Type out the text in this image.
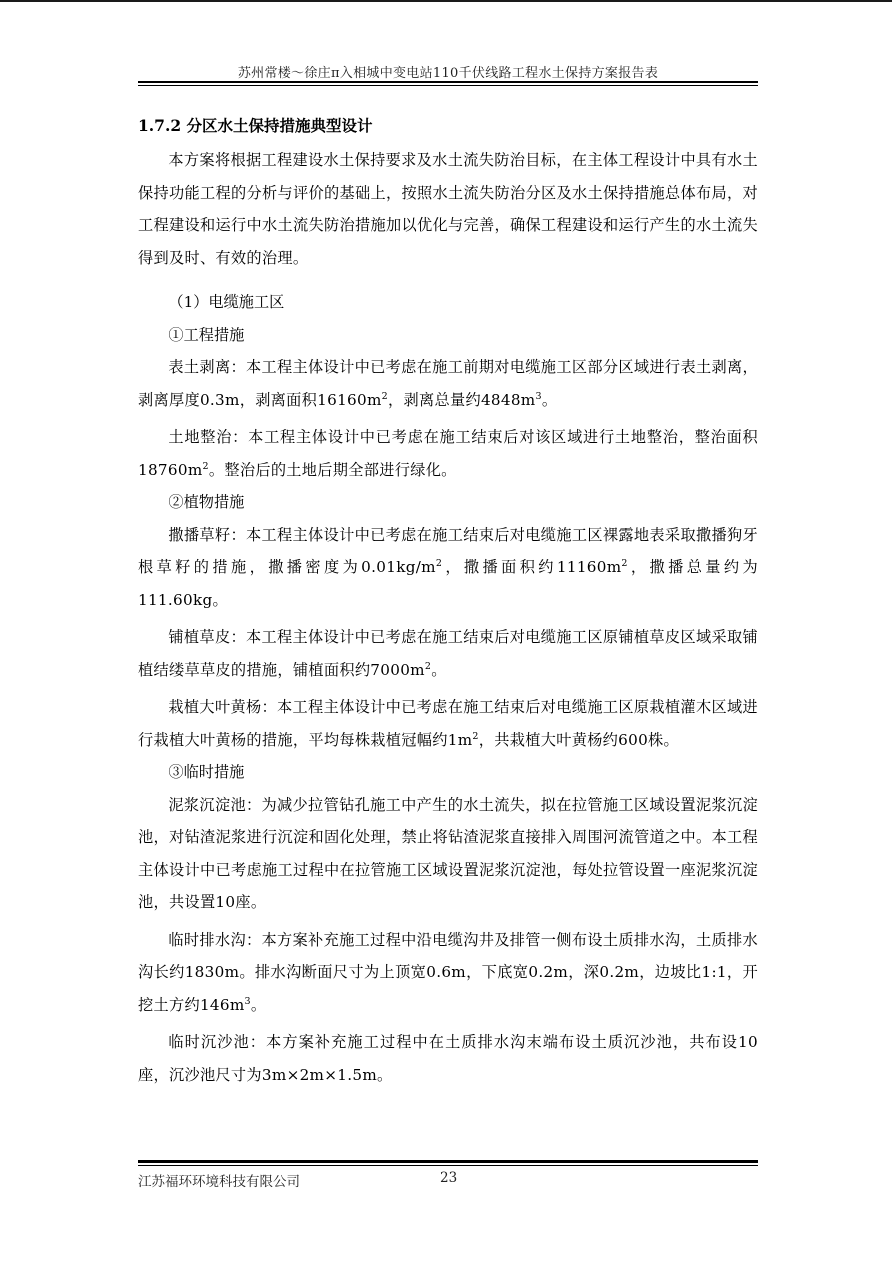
苏州常楼～徐庄π入相城中变电站110千伏线路工程水土保持方案报告表
1.7.2 分区水土保持措施典型设计

本方案将根据工程建设水土保持要求及水土流失防治目标，在主体工程设计中具有水土保持功能工程的分析与评价的基础上，按照水土流失防治分区及水土保持措施总体布局，对工程建设和运行中水土流失防治措施加以优化与完善，确保工程建设和运行产生的水土流失得到及时、有效的治理。

（1）电缆施工区

①工程措施

表土剥离：本工程主体设计中已考虑在施工前期对电缆施工区部分区域进行表土剥离，剥离厚度0.3m，剥离面积$16160m^2$，剥离总量约$4848m^3$。

土地整治：本工程主体设计中已考虑在施工结束后对该区域进行土地整治，整治面积$18760m^2$。整治后的土地后期全部进行绿化。

②植物措施

撒播草籽：本工程主体设计中已考虑在施工结束后对电缆施工区裸露地表采取撒播狗牙根草籽的措施，撒播密度为$0.01kg/m^2$，撒播面积约$11160m^2$，撒播总量约为111.60kg。

铺植草皮：本工程主体设计中已考虑在施工结束后对电缆施工区原铺植草皮区域采取铺植结缕草草皮的措施，铺植面积约$7000m^2$。

栽植大叶黄杨：本工程主体设计中已考虑在施工结束后对电缆施工区原栽植灌木区域进行栽植大叶黄杨的措施，平均每株栽植冠幅约$1m^2$，共栽植大叶黄杨约600株。

③临时措施

泥浆沉淀池：为减少拉管钻孔施工中产生的水土流失，拟在拉管施工区域设置泥浆沉淀池，对钻渣泥浆进行沉淀和固化处理，禁止将钻渣泥浆直接排入周围河流管道之中。本工程主体设计中已考虑施工过程中在拉管施工区域设置泥浆沉淀池，每处拉管设置一座泥浆沉淀池，共设置10座。

临时排水沟：本方案补充施工过程中沿电缆沟井及排管一侧布设土质排水沟，土质排水沟长约1830m。排水沟断面尺寸为上顶宽0.6m，下底宽0.2m，深0.2m，边坡比1:1，开挖土方约$146m^3$。

临时沉沙池：本方案补充施工过程中在土质排水沟末端布设土质沉沙池，共布设10座，沉沙池尺寸为3m×2m×1.5m。

江苏福环环境科技有限公司	23
